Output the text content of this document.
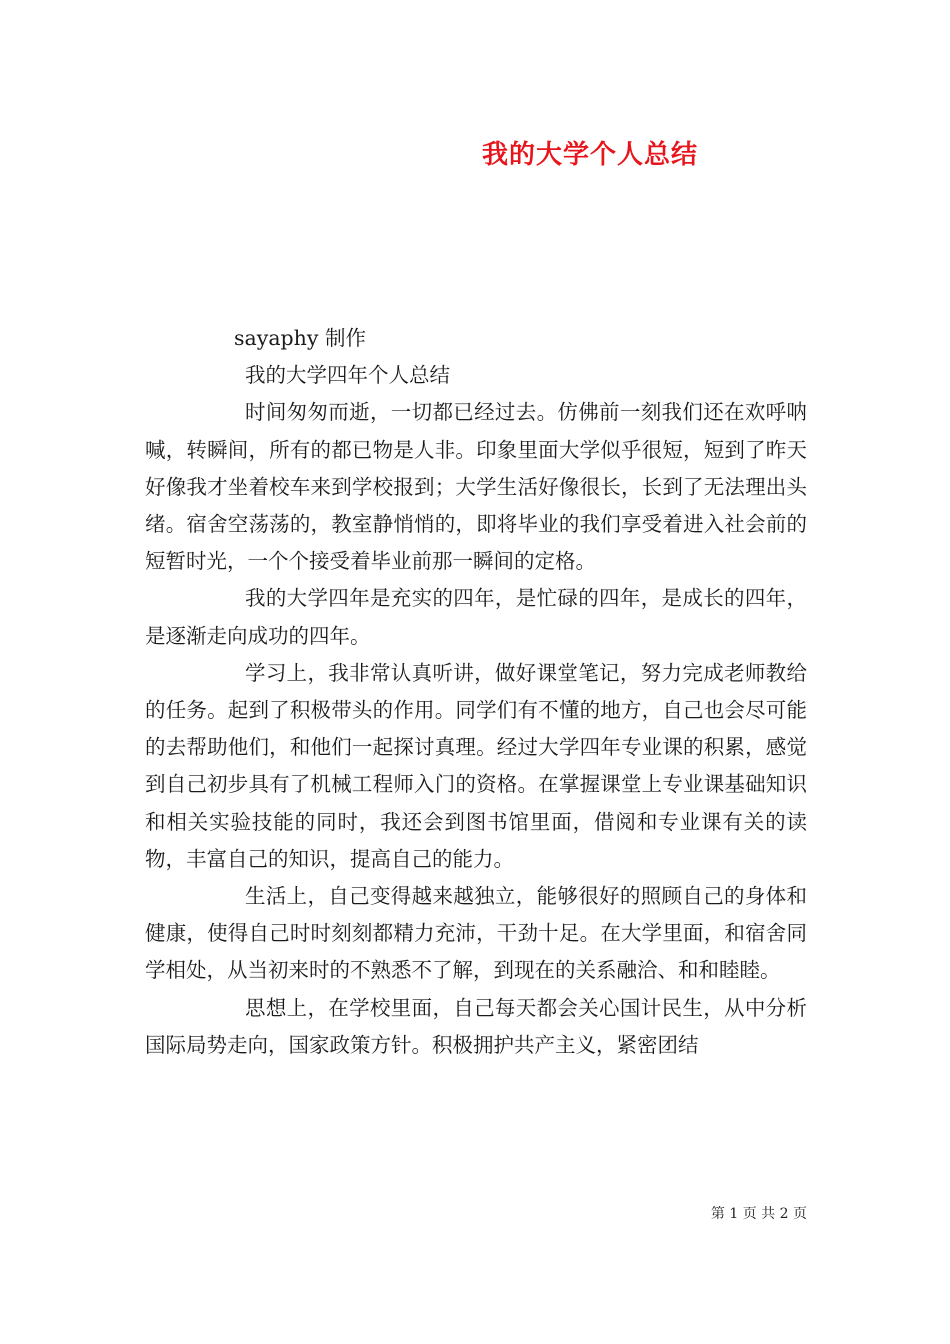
我的大学个人总结

sayaphy 制作

我的大学四年个人总结

时间匆匆而逝，一切都已经过去。仿佛前一刻我们还在欢呼呐喊，转瞬间，所有的都已物是人非。印象里面大学似乎很短，短到了昨天好像我才坐着校车来到学校报到；大学生活好像很长，长到了无法理出头绪。宿舍空荡荡的，教室静悄悄的，即将毕业的我们享受着进入社会前的短暂时光，一个个接受着毕业前那一瞬间的定格。

我的大学四年是充实的四年，是忙碌的四年，是成长的四年，是逐渐走向成功的四年。

学习上，我非常认真听讲，做好课堂笔记，努力完成老师教给的任务。起到了积极带头的作用。同学们有不懂的地方，自己也会尽可能的去帮助他们，和他们一起探讨真理。经过大学四年专业课的积累，感觉到自己初步具有了机械工程师入门的资格。在掌握课堂上专业课基础知识和相关实验技能的同时，我还会到图书馆里面，借阅和专业课有关的读物，丰富自己的知识，提高自己的能力。

生活上，自己变得越来越独立，能够很好的照顾自己的身体和健康，使得自己时时刻刻都精力充沛，干劲十足。在大学里面，和宿舍同学相处，从当初来时的不熟悉不了解，到现在的关系融洽、和和睦睦。

思想上，在学校里面，自己每天都会关心国计民生，从中分析国际局势走向，国家政策方针。积极拥护共产主义，紧密团结

第 1 页 共 2 页
